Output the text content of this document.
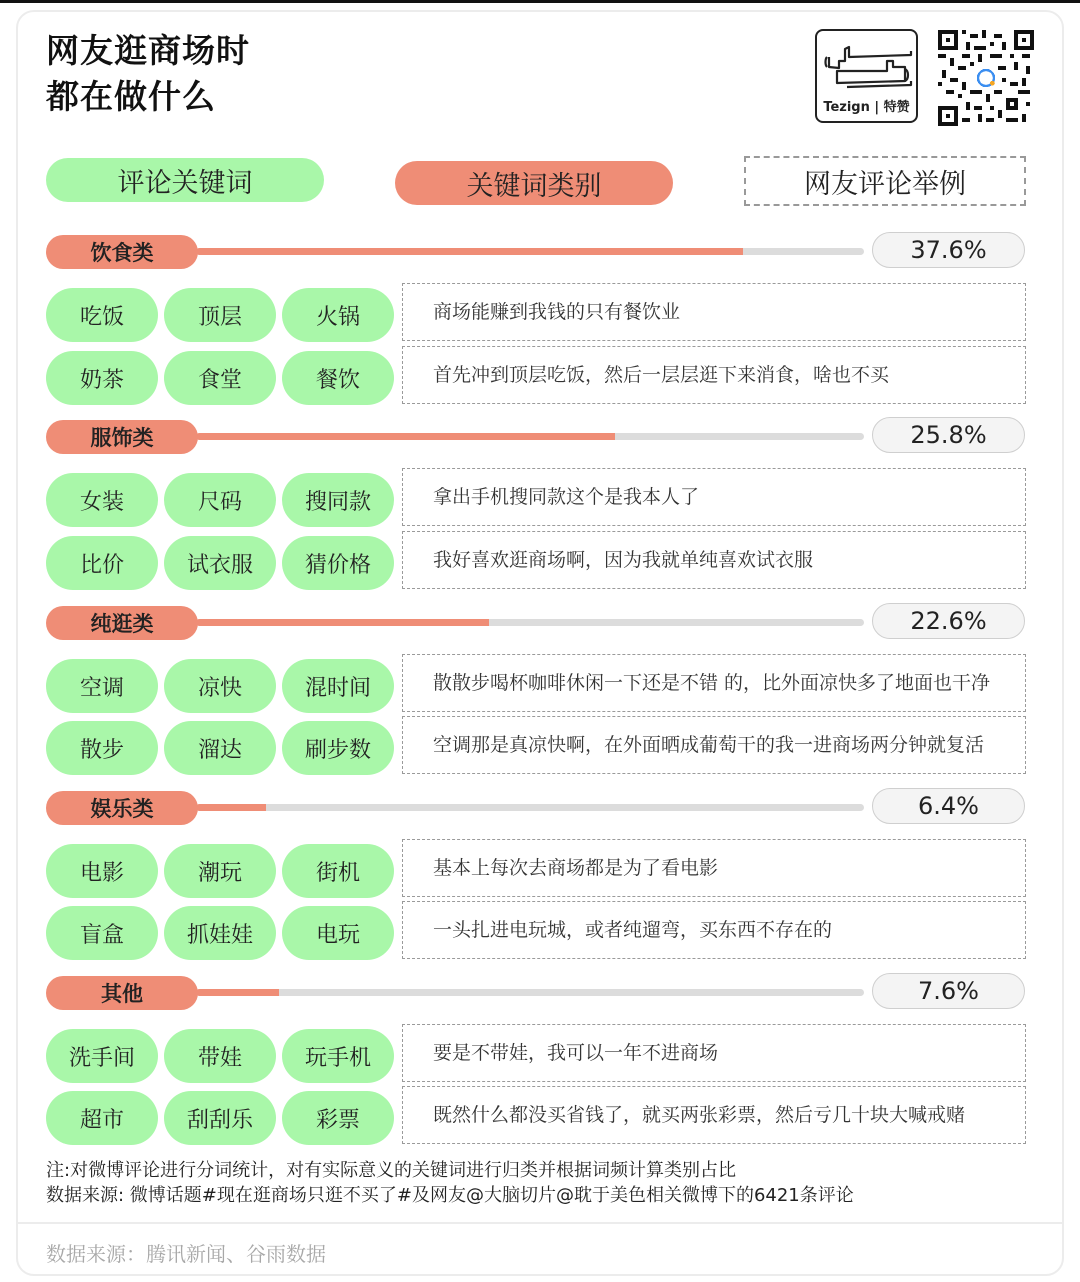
网友逛商场时
都在做什么	Tezign | 特赞
评论关键词	关键词类别	网友评论举例
饮食类	37.6%
吃饭	顶层	火锅	商场能赚到我钱的只有餐饮业
奶茶	食堂	餐饮	首先冲到顶层吃饭，然后一层层逛下来消食，啥也不买
服饰类	25.8%
女装	尺码	搜同款	拿出手机搜同款这个是我本人了
比价	试衣服	猜价格	我好喜欢逛商场啊，因为我就单纯喜欢试衣服
纯逛类	22.6%
空调	凉快	混时间	散散步喝杯咖啡休闲一下还是不错 的，比外面凉快多了地面也干净
散步	溜达	刷步数	空调那是真凉快啊，在外面晒成葡萄干的我一进商场两分钟就复活
娱乐类	6.4%
电影	潮玩	街机	基本上每次去商场都是为了看电影
盲盒	抓娃娃	电玩	一头扎进电玩城，或者纯遛弯，买东西不存在的
其他	7.6%
洗手间	带娃	玩手机	要是不带娃，我可以一年不进商场
超市	刮刮乐	彩票	既然什么都没买省钱了，就买两张彩票，然后亏几十块大喊戒赌
注:对微博评论进行分词统计，对有实际意义的关键词进行归类并根据词频计算类别占比
数据来源: 微博话题#现在逛商场只逛不买了#及网友@大脑切片@耽于美色相关微博下的6421条评论
数据来源：腾讯新闻、谷雨数据
